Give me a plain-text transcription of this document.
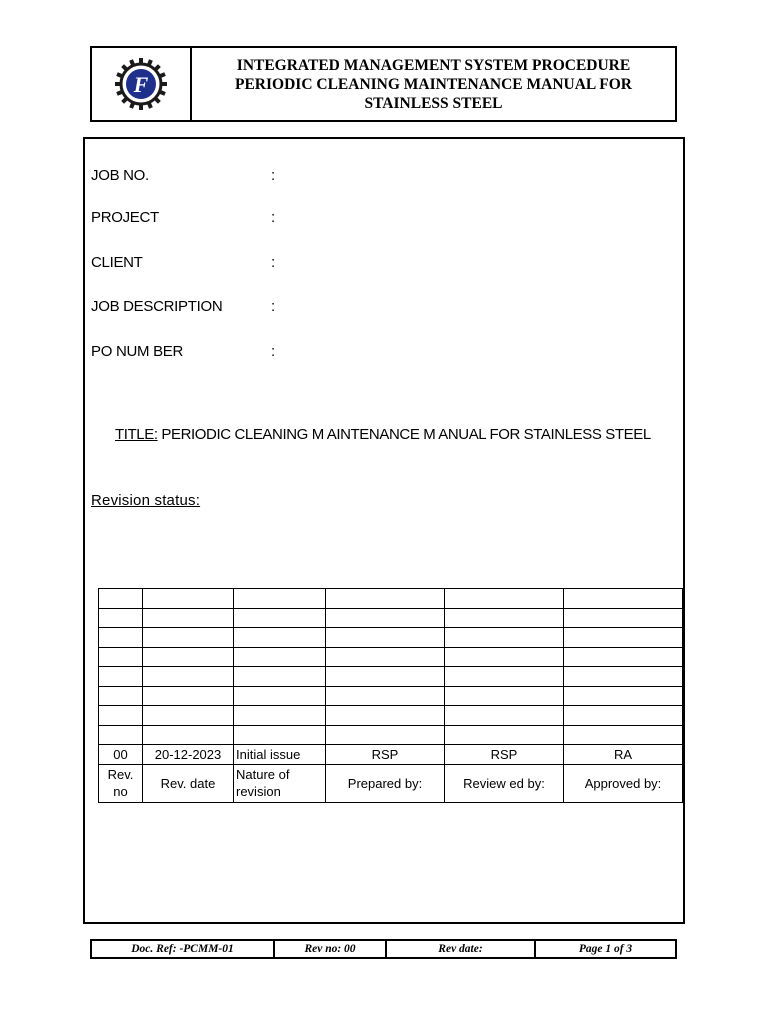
F
INTEGRATED MANAGEMENT SYSTEM PROCEDURE
PERIODIC CLEANING MAINTENANCE MANUAL FOR
STAINLESS STEEL
JOB NO.	:
PROJECT	:
CLIENT	:
JOB DESCRIPTION	:
PO NUM BER	:
TITLE: PERIODIC CLEANING M AINTENANCE M ANUAL FOR STAINLESS STEEL
Revision status:

00	20-12-2023	Initial issue	RSP	RSP	RA
Rev. no	Rev. date	Nature of revision	Prepared by:	Review ed by:	Approved by:
Doc. Ref: -PCMM-01	Rev no: 00	Rev date:	Page 1 of 3
